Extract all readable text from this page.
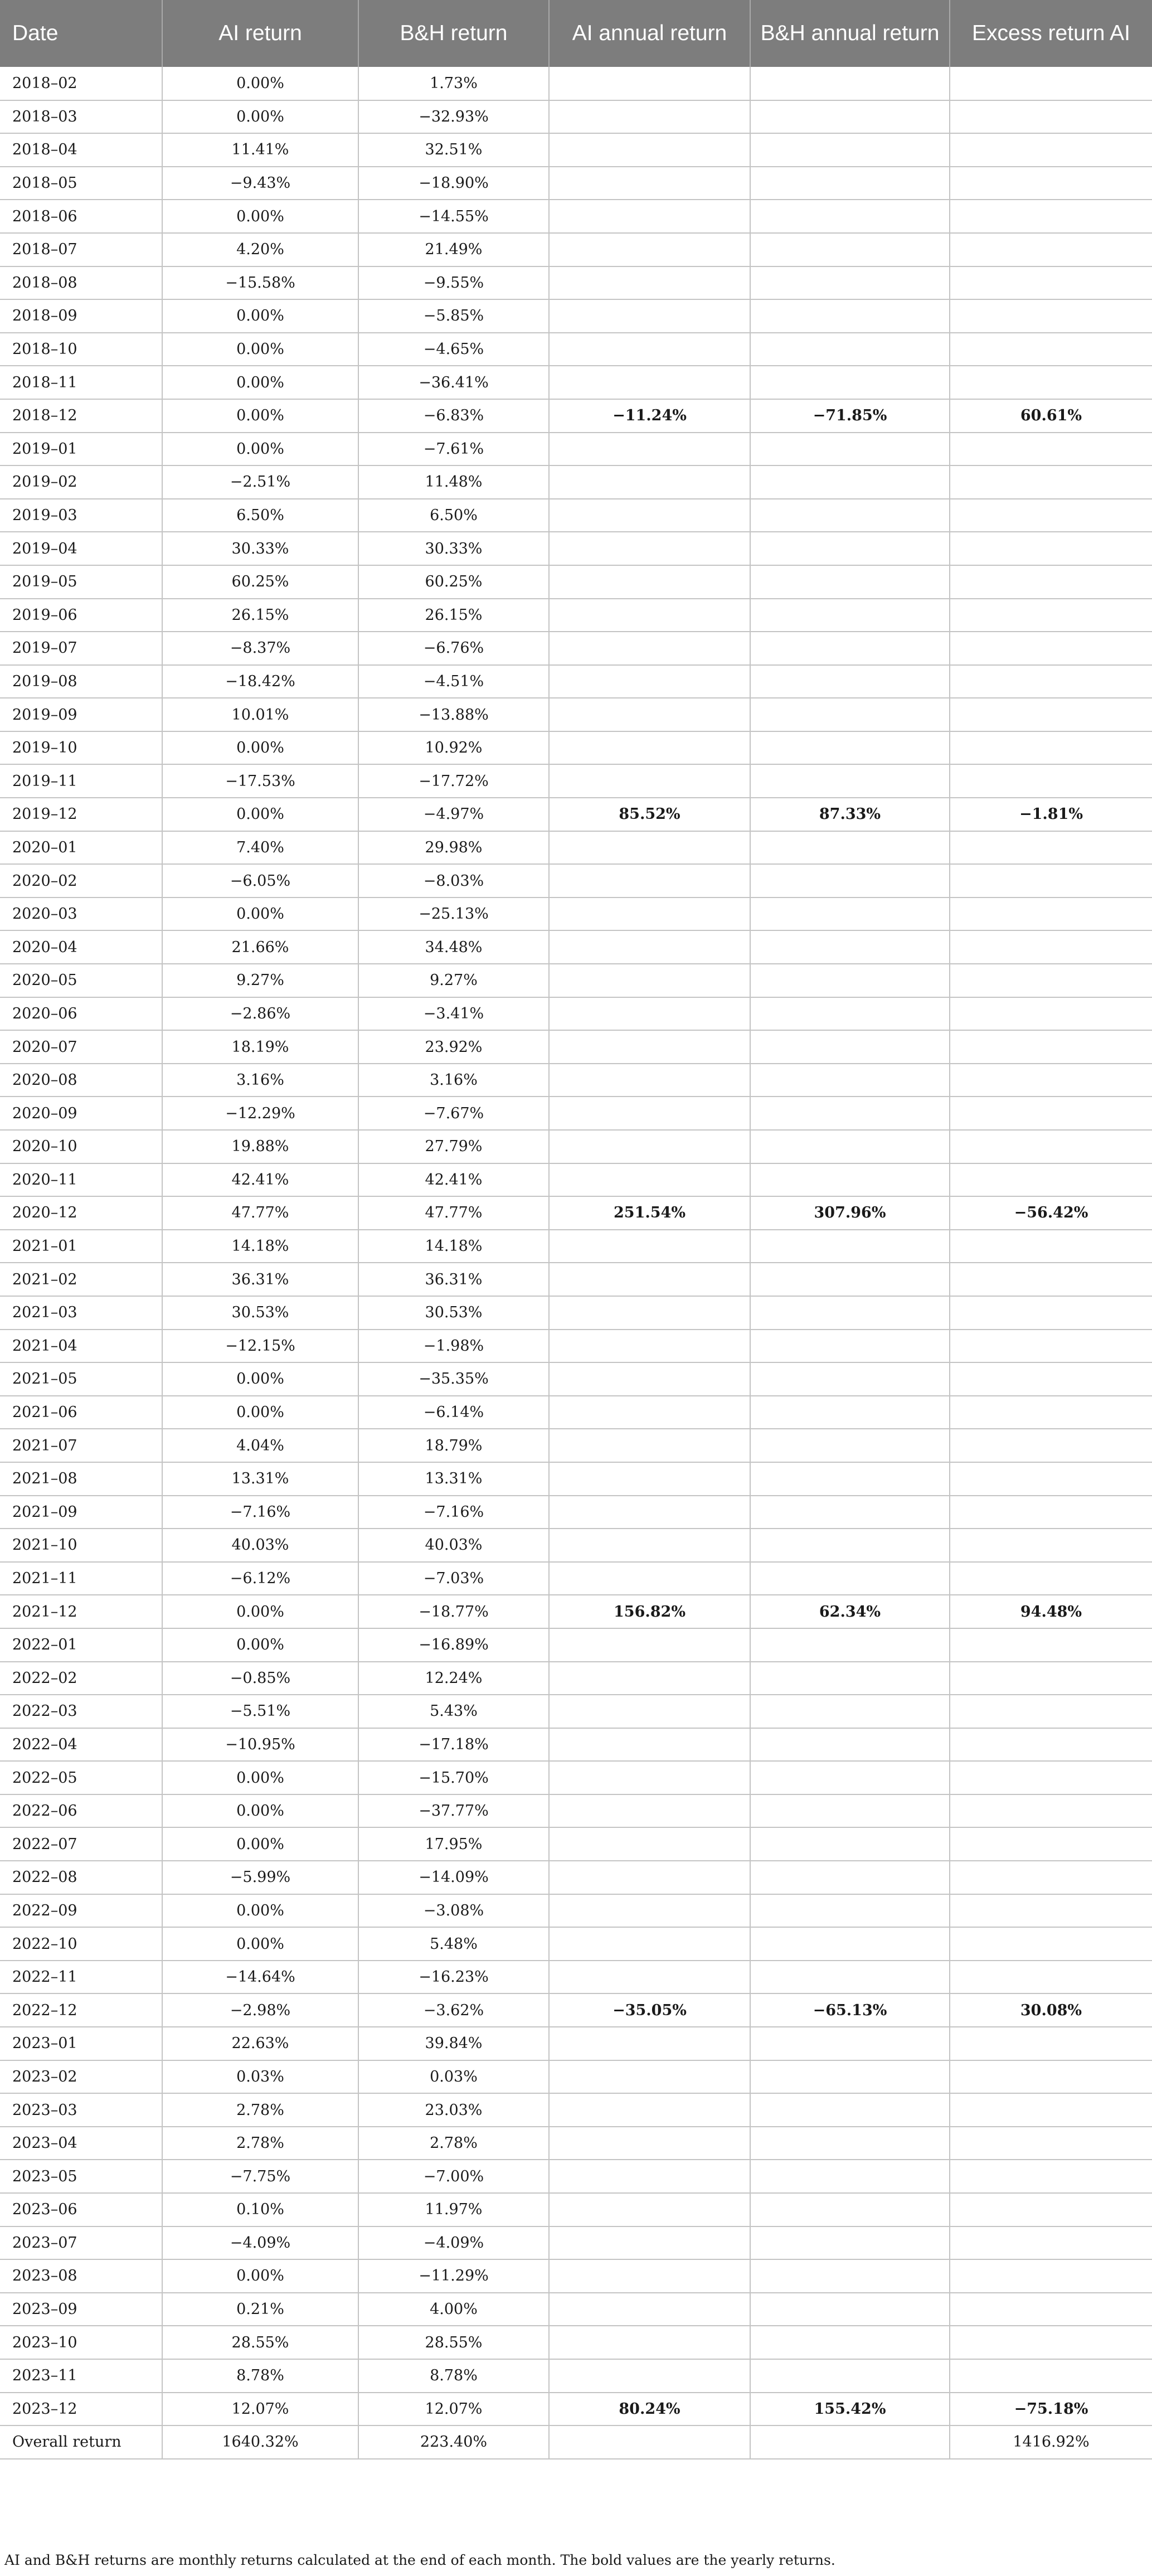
Date	AI return	B&H return	AI annual return	B&H annual return	Excess return AI
2018–02	0.00%	1.73%			
2018–03	0.00%	−32.93%			
2018–04	11.41%	32.51%			
2018–05	−9.43%	−18.90%			
2018–06	0.00%	−14.55%			
2018–07	4.20%	21.49%			
2018–08	−15.58%	−9.55%			
2018–09	0.00%	−5.85%			
2018–10	0.00%	−4.65%			
2018–11	0.00%	−36.41%			
2018–12	0.00%	−6.83%	−11.24%	−71.85%	60.61%
2019–01	0.00%	−7.61%			
2019–02	−2.51%	11.48%			
2019–03	6.50%	6.50%			
2019–04	30.33%	30.33%			
2019–05	60.25%	60.25%			
2019–06	26.15%	26.15%			
2019–07	−8.37%	−6.76%			
2019–08	−18.42%	−4.51%			
2019–09	10.01%	−13.88%			
2019–10	0.00%	10.92%			
2019–11	−17.53%	−17.72%			
2019–12	0.00%	−4.97%	85.52%	87.33%	−1.81%
2020–01	7.40%	29.98%			
2020–02	−6.05%	−8.03%			
2020–03	0.00%	−25.13%			
2020–04	21.66%	34.48%			
2020–05	9.27%	9.27%			
2020–06	−2.86%	−3.41%			
2020–07	18.19%	23.92%			
2020–08	3.16%	3.16%			
2020–09	−12.29%	−7.67%			
2020–10	19.88%	27.79%			
2020–11	42.41%	42.41%			
2020–12	47.77%	47.77%	251.54%	307.96%	−56.42%
2021–01	14.18%	14.18%			
2021–02	36.31%	36.31%			
2021–03	30.53%	30.53%			
2021–04	−12.15%	−1.98%			
2021–05	0.00%	−35.35%			
2021–06	0.00%	−6.14%			
2021–07	4.04%	18.79%			
2021–08	13.31%	13.31%			
2021–09	−7.16%	−7.16%			
2021–10	40.03%	40.03%			
2021–11	−6.12%	−7.03%			
2021–12	0.00%	−18.77%	156.82%	62.34%	94.48%
2022–01	0.00%	−16.89%			
2022–02	−0.85%	12.24%			
2022–03	−5.51%	5.43%			
2022–04	−10.95%	−17.18%			
2022–05	0.00%	−15.70%			
2022–06	0.00%	−37.77%			
2022–07	0.00%	17.95%			
2022–08	−5.99%	−14.09%			
2022–09	0.00%	−3.08%			
2022–10	0.00%	5.48%			
2022–11	−14.64%	−16.23%			
2022–12	−2.98%	−3.62%	−35.05%	−65.13%	30.08%
2023–01	22.63%	39.84%			
2023–02	0.03%	0.03%			
2023–03	2.78%	23.03%			
2023–04	2.78%	2.78%			
2023–05	−7.75%	−7.00%			
2023–06	0.10%	11.97%			
2023–07	−4.09%	−4.09%			
2023–08	0.00%	−11.29%			
2023–09	0.21%	4.00%			
2023–10	28.55%	28.55%			
2023–11	8.78%	8.78%			
2023–12	12.07%	12.07%	80.24%	155.42%	−75.18%
Overall return	1640.32%	223.40%			1416.92%
AI and B&H returns are monthly returns calculated at the end of each month. The bold values are the yearly returns.
